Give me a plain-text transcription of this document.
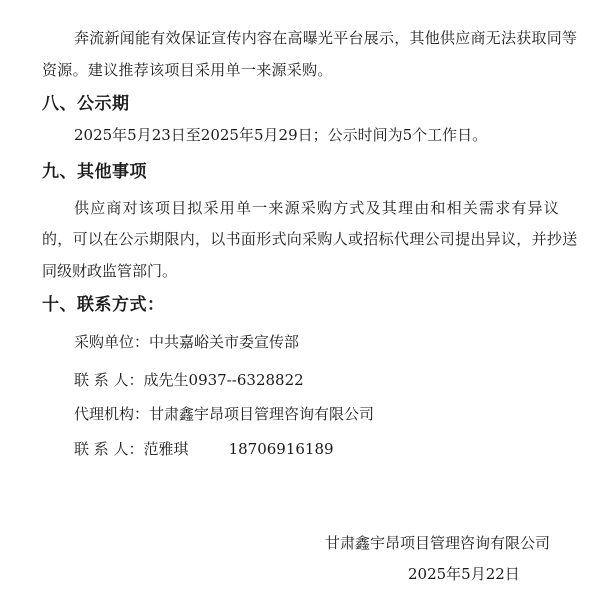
奔流新闻能有效保证宣传内容在高曝光平台展示，其他供应商无法获取同等
资源。建议推荐该项目采用单一来源采购。
八、公示期
2025年5月23日至2025年5月29日；公示时间为5个工作日。
九、其他事项
供应商对该项目拟采用单一来源采购方式及其理由和相关需求有异议
的，可以在公示期限内，以书面形式向采购人或招标代理公司提出异议，并抄送
同级财政监管部门。
十、联系方式：
采购单位：中共嘉峪关市委宣传部
联 系 人：成先生0937--6328822
代理机构：甘肃鑫宇昂项目管理咨询有限公司
联 系 人：范雅琪	18706916189
甘肃鑫宇昂项目管理咨询有限公司
2025年5月22日
